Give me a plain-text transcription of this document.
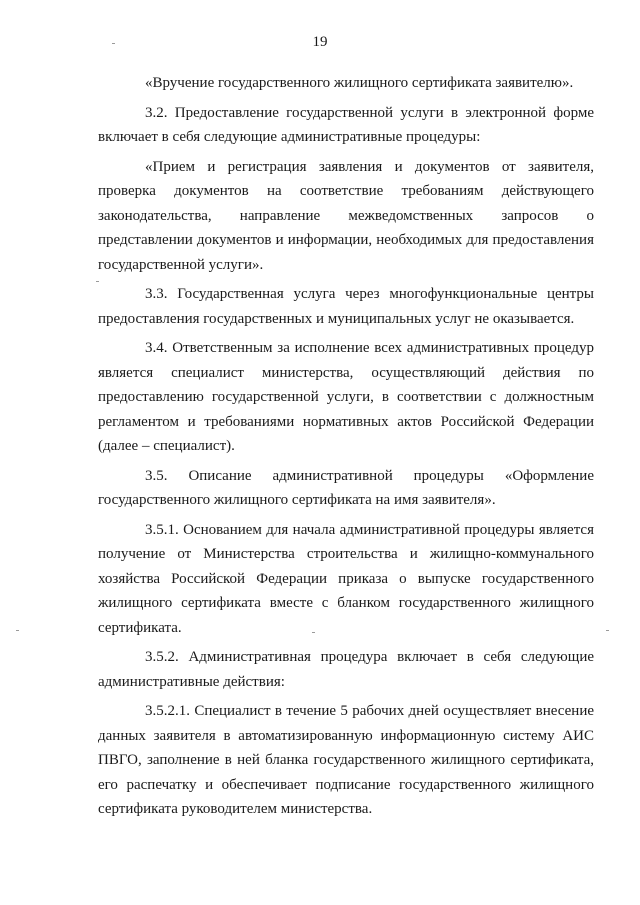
19

«Вручение государственного жилищного сертификата заявителю».

3.2. Предоставление государственной услуги в электронной форме включает в себя следующие административные процедуры:

«Прием и регистрация заявления и документов от заявителя, проверка документов на соответствие требованиям действующего законодательства, направление межведомственных запросов о представлении документов и информации, необходимых для предоставления государственной услуги».

3.3. Государственная услуга через многофункциональные центры предоставления государственных и муниципальных услуг не оказывается.

3.4. Ответственным за исполнение всех административных процедур является специалист министерства, осуществляющий действия по предоставлению государственной услуги, в соответствии с должностным регламентом и требованиями нормативных актов Российской Федерации (далее – специалист).

3.5. Описание административной процедуры «Оформление государственного жилищного сертификата на имя заявителя».

3.5.1. Основанием для начала административной процедуры является получение от Министерства строительства и жилищно-коммунального хозяйства Российской Федерации приказа о выпуске государственного жилищного сертификата вместе с бланком государственного жилищного сертификата.

3.5.2. Административная процедура включает в себя следующие административные действия:

3.5.2.1. Специалист в течение 5 рабочих дней осуществляет внесение данных заявителя в автоматизированную информационную систему АИС ПВГО, заполнение в ней бланка государственного жилищного сертификата, его распечатку и обеспечивает подписание государственного жилищного сертификата руководителем министерства.
